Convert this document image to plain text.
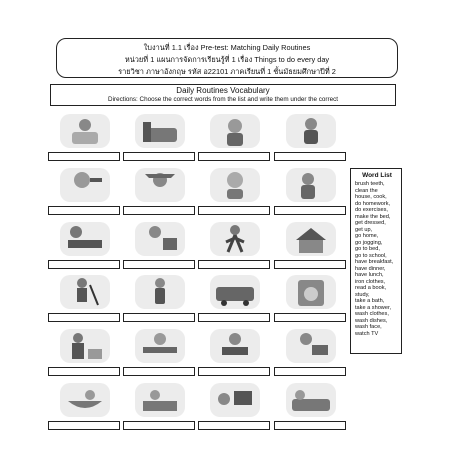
ใบงานที่ 1.1 เรื่อง Pre-test: Matching Daily Routines
หน่วยที่ 1 แผนการจัดการเรียนรู้ที่ 1 เรื่อง Things to do every day
รายวิชา ภาษาอังกฤษ รหัส อ22101 ภาคเรียนที่ 1 ชั้นมัธยมศึกษาปีที่ 2
Daily Routines Vocabulary
Directions: Choose the correct words from the list and write them under the correct
Word List
brush teeth,
clean the
house, cook,
do homework,
do exercises,
make the bed,
get dressed,
get up,
go home,
go jogging,
go to bed,
go to school,
have breakfast,
have dinner,
have lunch,
iron clothes,
read a book,
study,
take a bath,
take a shower,
wash clothes,
wash dishes,
wash face,
watch TV
